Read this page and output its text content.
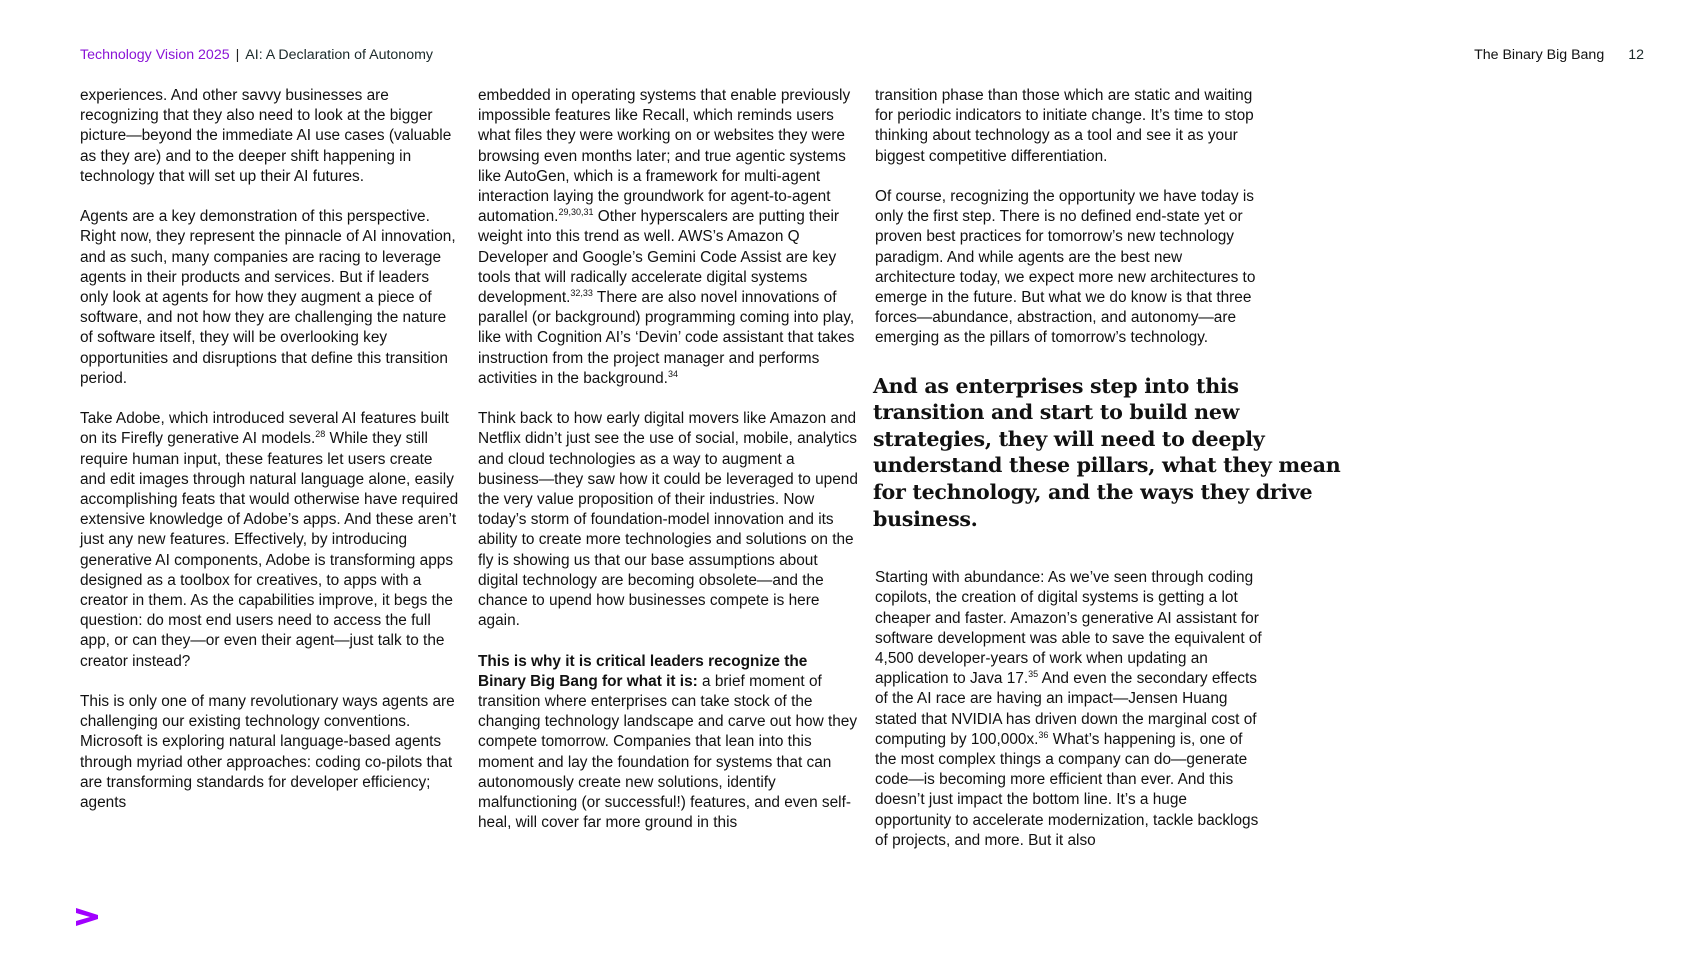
Technology Vision 2025 | AI: A Declaration of Autonomy	The Binary Big Bang 12

experiences. And other savvy businesses are recognizing that they also need to look at the bigger picture—beyond the immediate AI use cases (valuable as they are) and to the deeper shift happening in technology that will set up their AI futures.

Agents are a key demonstration of this perspective. Right now, they represent the pinnacle of AI innovation, and as such, many companies are racing to leverage agents in their products and services. But if leaders only look at agents for how they augment a piece of software, and not how they are challenging the nature of software itself, they will be overlooking key opportunities and disruptions that define this transition period.

Take Adobe, which introduced several AI features built on its Firefly generative AI models.$^{28}$ While they still require human input, these features let users create and edit images through natural language alone, easily accomplishing feats that would otherwise have required extensive knowledge of Adobe’s apps. And these aren’t just any new features. Effectively, by introducing generative AI components, Adobe is transforming apps designed as a toolbox for creatives, to apps with a creator in them. As the capabilities improve, it begs the question: do most end users need to access the full app, or can they—or even their agent—just talk to the creator instead?

This is only one of many revolutionary ways agents are challenging our existing technology conventions. Microsoft is exploring natural language-based agents through myriad other approaches: coding co-pilots that are transforming standards for developer efficiency; agents

embedded in operating systems that enable previously impossible features like Recall, which reminds users what files they were working on or websites they were browsing even months later; and true agentic systems like AutoGen, which is a framework for multi-agent interaction laying the groundwork for agent-to-agent automation.$^{29,30,31}$ Other hyperscalers are putting their weight into this trend as well. AWS’s Amazon Q Developer and Google’s Gemini Code Assist are key tools that will radically accelerate digital systems development.$^{32,33}$ There are also novel innovations of parallel (or background) programming coming into play, like with Cognition AI’s ‘Devin’ code assistant that takes instruction from the project manager and performs activities in the background.$^{34}$

Think back to how early digital movers like Amazon and Netflix didn’t just see the use of social, mobile, analytics and cloud technologies as a way to augment a business—they saw how it could be leveraged to upend the very value proposition of their industries. Now today’s storm of foundation-model innovation and its ability to create more technologies and solutions on the fly is showing us that our base assumptions about digital technology are becoming obsolete—and the chance to upend how businesses compete is here again.

This is why it is critical leaders recognize the Binary Big Bang for what it is: a brief moment of transition where enterprises can take stock of the changing technology landscape and carve out how they compete tomorrow. Companies that lean into this moment and lay the foundation for systems that can autonomously create new solutions, identify malfunctioning (or successful!) features, and even self-heal, will cover far more ground in this

transition phase than those which are static and waiting for periodic indicators to initiate change. It’s time to stop thinking about technology as a tool and see it as your biggest competitive differentiation.

Of course, recognizing the opportunity we have today is only the first step. There is no defined end-state yet or proven best practices for tomorrow’s new technology paradigm. And while agents are the best new architecture today, we expect more new architectures to emerge in the future. But what we do know is that three forces—abundance, abstraction, and autonomy—are emerging as the pillars of tomorrow’s technology.

And as enterprises step into this transition and start to build new strategies, they will need to deeply understand these pillars, what they mean for technology, and the ways they drive business.

Starting with abundance: As we’ve seen through coding copilots, the creation of digital systems is getting a lot cheaper and faster. Amazon’s generative AI assistant for software development was able to save the equivalent of 4,500 developer-years of work when updating an application to Java 17.35 And even the secondary effects of the AI race are having an impact—Jensen Huang stated that NVIDIA has driven down the marginal cost of computing by 100,000x.$^{36}$ What’s happening is, one of the most complex things a company can do—generate code—is becoming more efficient than ever. And this doesn’t just impact the bottom line. It’s a huge opportunity to accelerate modernization, tackle backlogs of projects, and more. But it also
